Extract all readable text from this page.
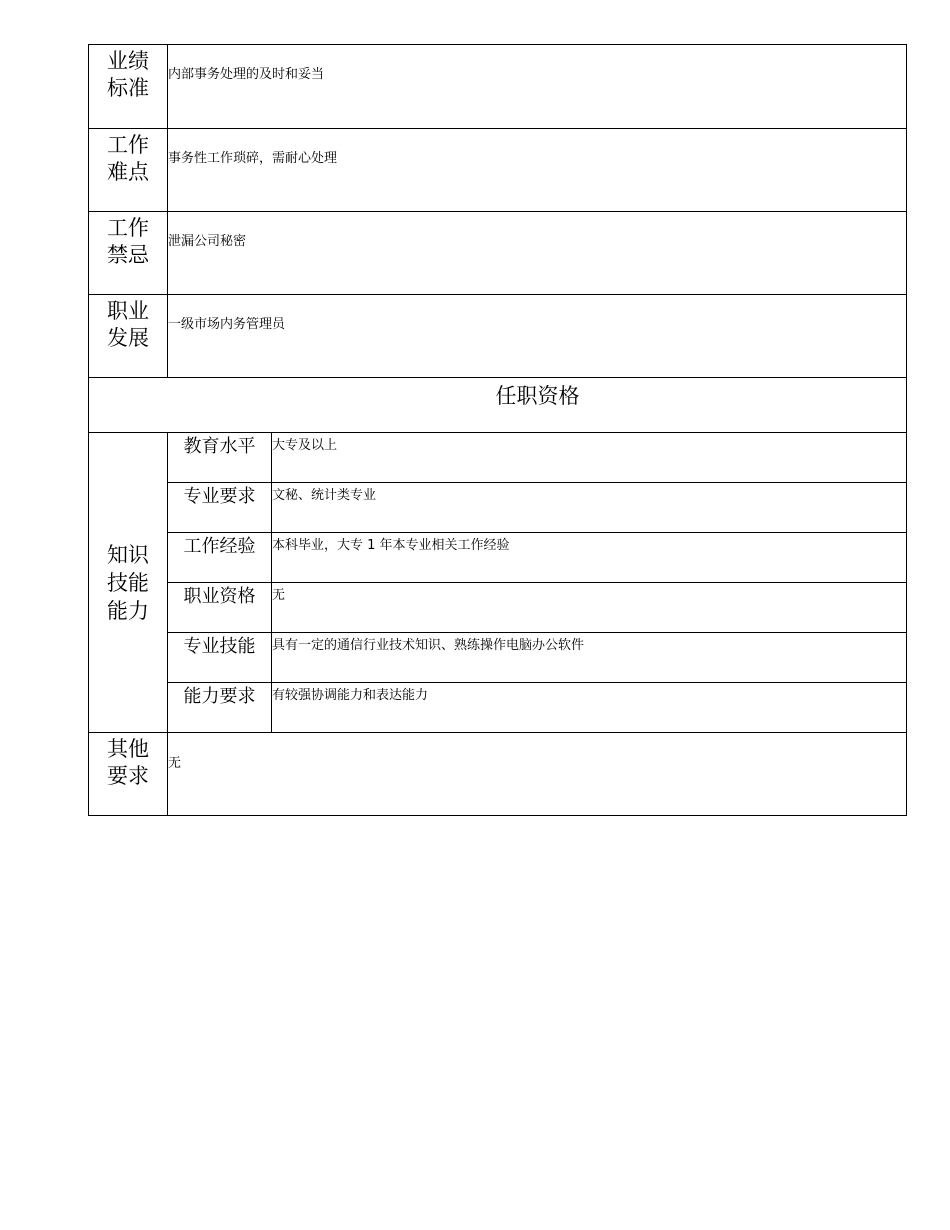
业绩
标准	内部事务处理的及时和妥当	

工作
难点	事务性工作琐碎，需耐心处理	

工作
禁忌	泄漏公司秘密	

职业
发展	一级市场内务管理员	
任职资格		

知识
技能
能力	教育水平	大专及以上
	专业要求	文秘、统计类专业
	工作经验	本科毕业，大专 1 年本专业相关工作经验
	职业资格	无
	专业技能	具有一定的通信行业技术知识、熟练操作电脑办公软件
	能力要求	有较强协调能力和表达能力

其他
要求	无	
